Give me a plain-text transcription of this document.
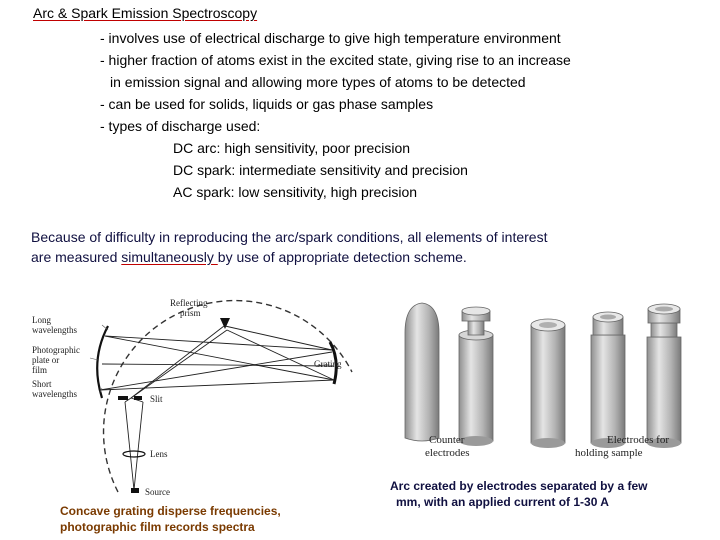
Arc & Spark Emission Spectroscopy
- involves use of electrical discharge to give high temperature environment
- higher fraction of atoms exist in the excited state, giving rise to an increase
in emission signal and allowing more types of atoms to be detected
- can be used for solids, liquids or gas phase samples
- types of discharge used:
DC arc: high sensitivity, poor precision
DC spark: intermediate sensitivity and precision
AC spark: low sensitivity, high precision
Because of difficulty in reproducing the arc/spark conditions, all elements of interest
are measured simultaneously by use of appropriate detection scheme.
Reflecting
prism
Long
wavelengths
Photographic
plate or
film
Short
wavelengths
Grating
Slit
Lens
Source
Counter
electrodes
Electrodes for
holding sample
Concave grating disperse frequencies,
photographic film records spectra
Arc created by electrodes separated by a few
mm, with an applied current of 1-30 A
